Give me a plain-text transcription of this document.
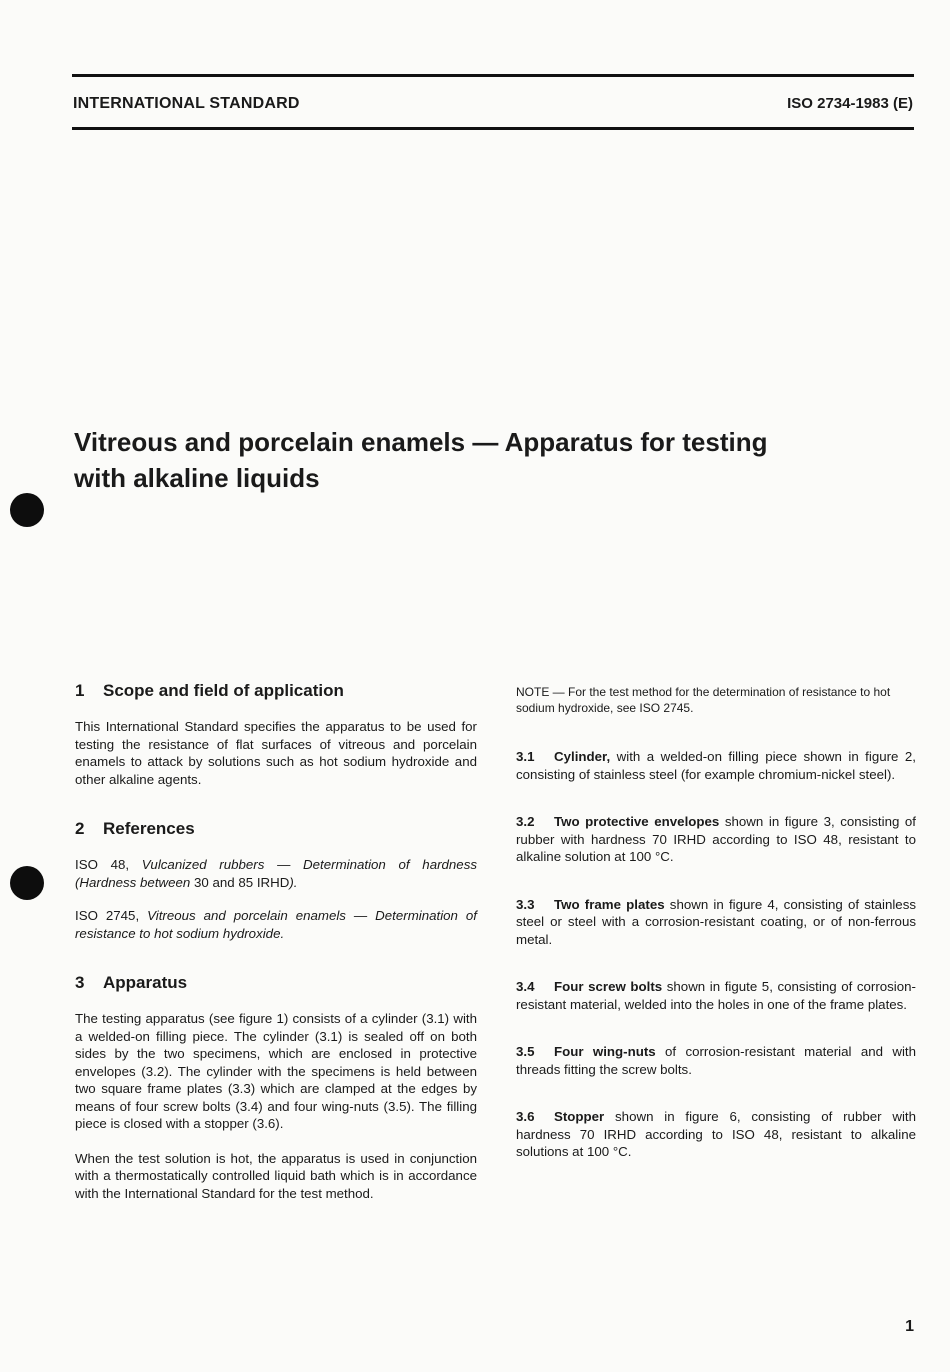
INTERNATIONAL STANDARD	ISO 2734-1983 (E)
Vitreous and porcelain enamels — Apparatus for testing
with alkaline liquids
1 Scope and field of application

This International Standard specifies the apparatus to be used for testing the resistance of flat surfaces of vitreous and porcelain enamels to attack by solutions such as hot sodium hydroxide and other alkaline agents.

2 References

ISO 48, Vulcanized rubbers — Determination of hardness (Hardness between 30 and 85 IRHD).

ISO 2745, Vitreous and porcelain enamels — Determination of resistance to hot sodium hydroxide.

3 Apparatus

The testing apparatus (see figure 1) consists of a cylinder (3.1) with a welded-on filling piece. The cylinder (3.1) is sealed off on both sides by the two specimens, which are enclosed in protective envelopes (3.2). The cylinder with the specimens is held between two square frame plates (3.3) which are clamped at the edges by means of four screw bolts (3.4) and four wing-nuts (3.5). The filling piece is closed with a stopper (3.6).

When the test solution is hot, the apparatus is used in conjunction with a thermostatically controlled liquid bath which is in accordance with the International Standard for the test method.

NOTE — For the test method for the determination of resistance to hot sodium hydroxide, see ISO 2745.

3.1 Cylinder, with a welded-on filling piece shown in figure 2, consisting of stainless steel (for example chromium-nickel steel).

3.2 Two protective envelopes shown in figure 3, consisting of rubber with hardness 70 IRHD according to ISO 48, resistant to alkaline solution at 100 °C.

3.3 Two frame plates shown in figure 4, consisting of stainless steel or steel with a corrosion-resistant coating, or of non-ferrous metal.

3.4 Four screw bolts shown in figute 5, consisting of corrosion-resistant material, welded into the holes in one of the frame plates.

3.5 Four wing-nuts of corrosion-resistant material and with threads fitting the screw bolts.

3.6 Stopper shown in figure 6, consisting of rubber with hardness 70 IRHD according to ISO 48, resistant to alkaline solutions at 100 °C.

1
